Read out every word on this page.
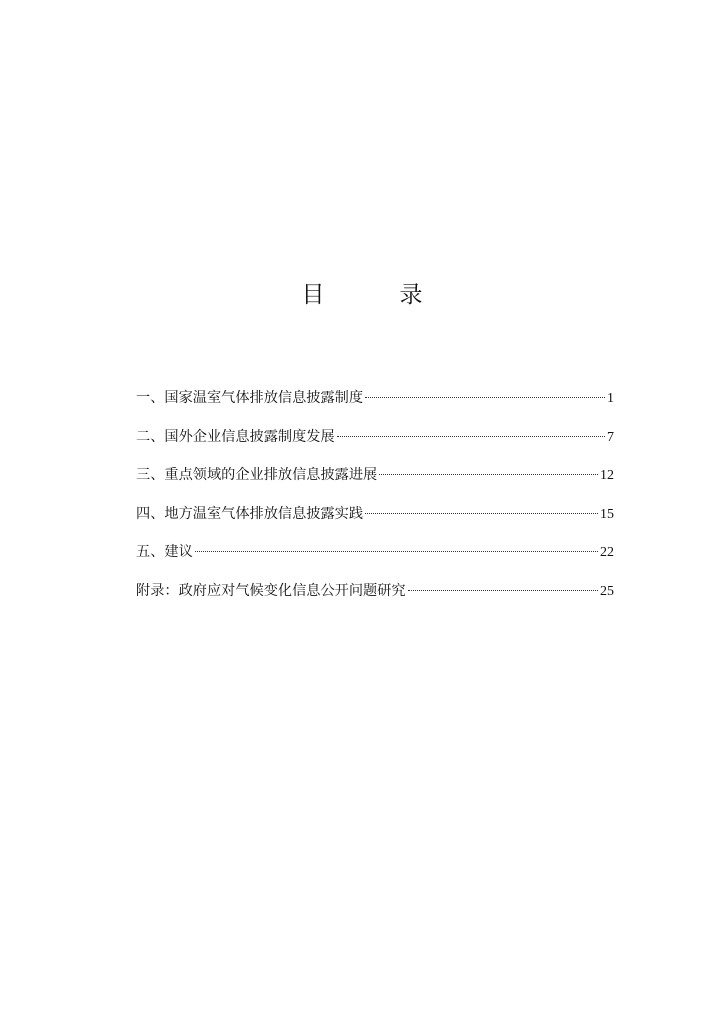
目　录
一、国家温室气体排放信息披露制度	1
二、国外企业信息披露制度发展	7
三、重点领域的企业排放信息披露进展	12
四、地方温室气体排放信息披露实践	15
五、建议	22
附录：政府应对气候变化信息公开问题研究	25
